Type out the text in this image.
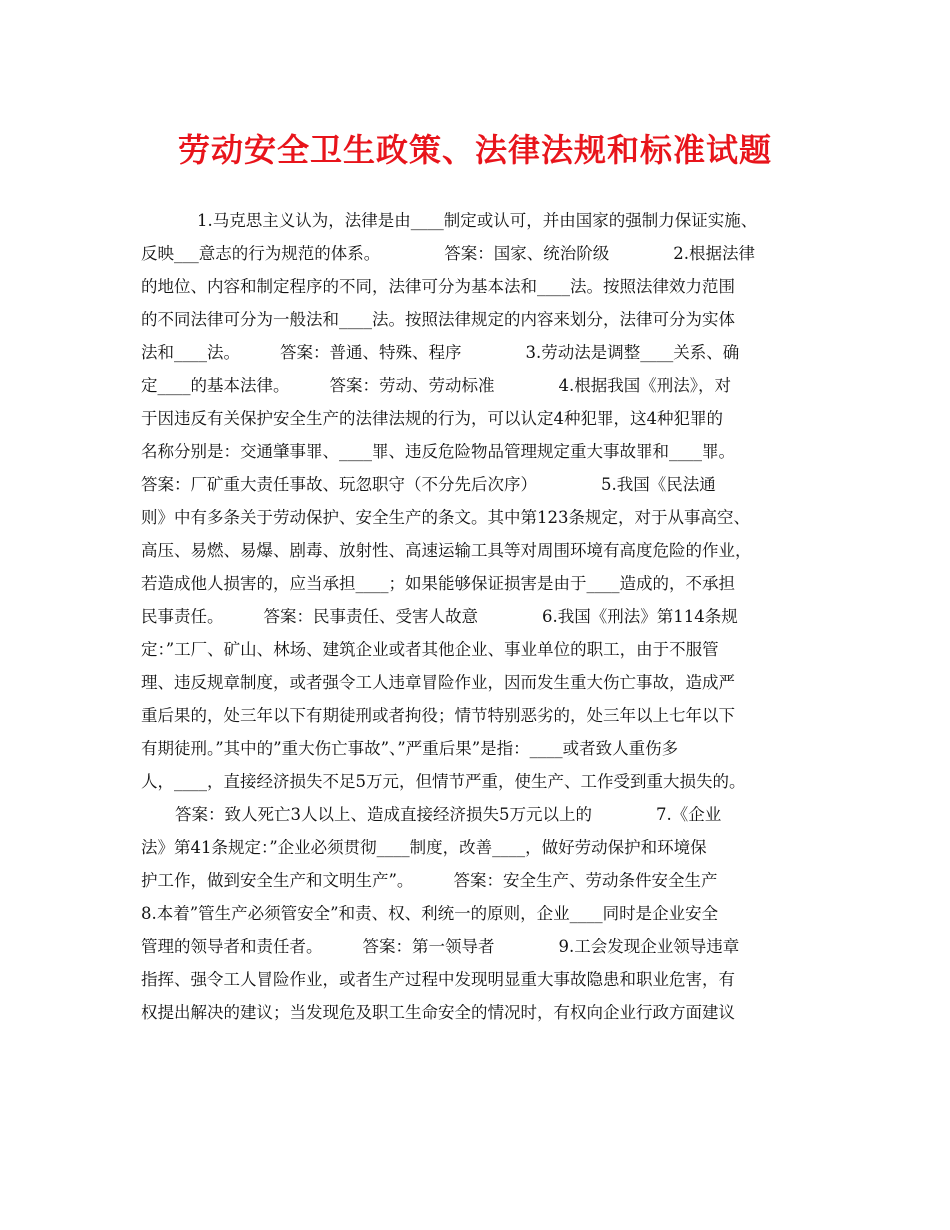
劳动安全卫生政策、法律法规和标准试题
1.马克思主义认为，法律是由____制定或认可，并由国家的强制力保证实施、
反映___意志的行为规范的体系。	答案：国家、统治阶级	2.根据法律
的地位、内容和制定程序的不同，法律可分为基本法和____法。按照法律效力范围
的不同法律可分为一般法和____法。按照法律规定的内容来划分，法律可分为实体
法和____法。 答案：普通、特殊、程序	3.劳动法是调整____关系、确
定____的基本法律。 答案：劳动、劳动标准	4.根据我国《刑法》，对
于因违反有关保护安全生产的法律法规的行为，可以认定4种犯罪，这4种犯罪的
名称分别是：交通肇事罪、____罪、违反危险物品管理规定重大事故罪和____罪。
答案：厂矿重大责任事故、玩忽职守（不分先后次序）	5.我国《民法通
则》中有多条关于劳动保护、安全生产的条文。其中第123条规定，对于从事高空、
高压、易燃、易爆、剧毒、放射性、高速运输工具等对周围环境有高度危险的作业，
若造成他人损害的，应当承担____；如果能够保证损害是由于____造成的，不承担
民事责任。 答案：民事责任、受害人故意	6.我国《刑法》第114条规
定：”工厂、矿山、林场、建筑企业或者其他企业、事业单位的职工，由于不服管
理、违反规章制度，或者强令工人违章冒险作业，因而发生重大伤亡事故，造成严
重后果的，处三年以下有期徒刑或者拘役；情节特别恶劣的，处三年以上七年以下
有期徒刑。”其中的”重大伤亡事故”、”严重后果”是指：____或者致人重伤多
人，____，直接经济损失不足5万元，但情节严重，使生产、工作受到重大损失的。
答案：致人死亡3人以上、造成直接经济损失5万元以上的	7.《企业
法》第41条规定：”企业必须贯彻____制度，改善____，做好劳动保护和环境保
护工作，做到安全生产和文明生产”。 答案：安全生产、劳动条件安全生产
8.本着”管生产必须管安全”和责、权、利统一的原则，企业____同时是企业安全
管理的领导者和责任者。 答案：第一领导者	9.工会发现企业领导违章
指挥、强令工人冒险作业，或者生产过程中发现明显重大事故隐患和职业危害，有
权提出解决的建议；当发现危及职工生命安全的情况时，有权向企业行政方面建议
